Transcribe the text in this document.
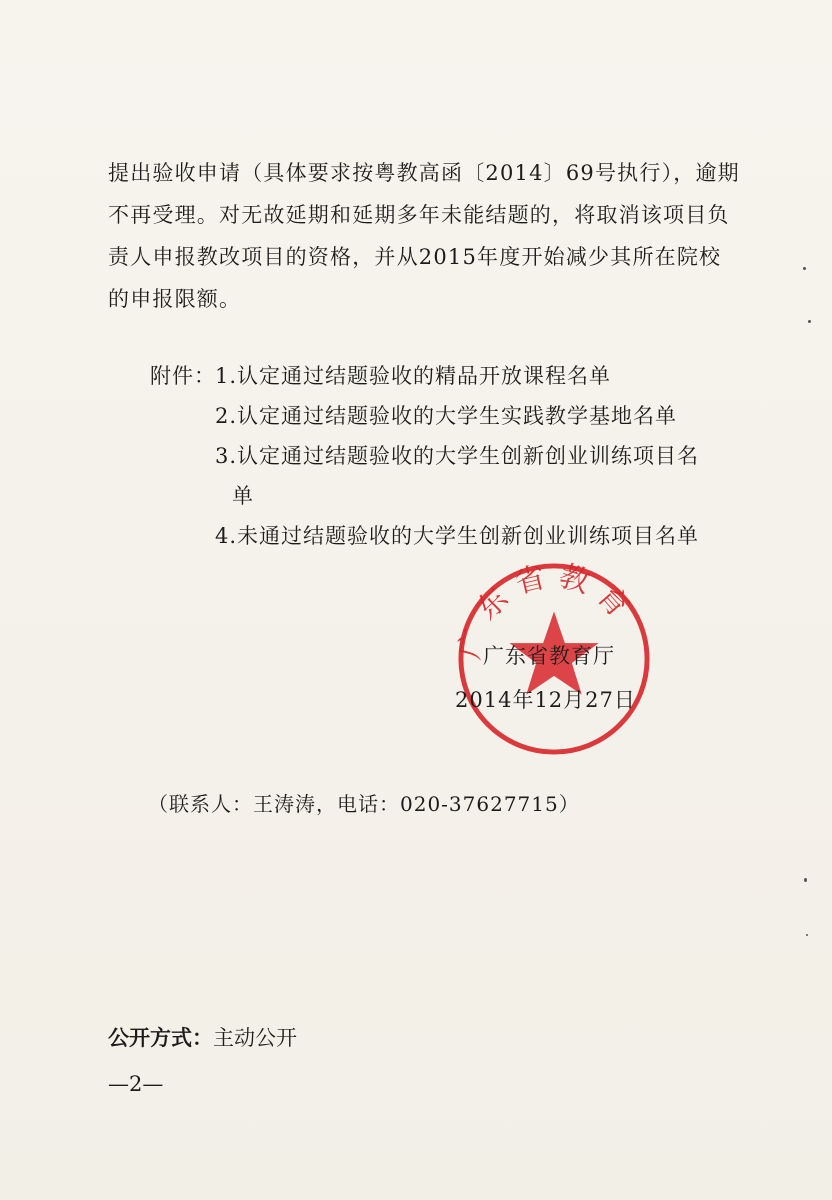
提出验收申请（具体要求按粤教高函〔2014〕69号执行），逾期
不再受理。对无故延期和延期多年未能结题的，将取消该项目负
责人申报教改项目的资格，并从2015年度开始减少其所在院校
的申报限额。
附件： 1.认定通过结题验收的精品开放课程名单
2.认定通过结题验收的大学生实践教学基地名单
3.认定通过结题验收的大学生创新创业训练项目名
单
4.未通过结题验收的大学生创新创业训练项目名单
广东省教育
广东省教育厅
2014年12月27日
（联系人：王涛涛，电话：020-37627715）
公开方式：主动公开
—2—
